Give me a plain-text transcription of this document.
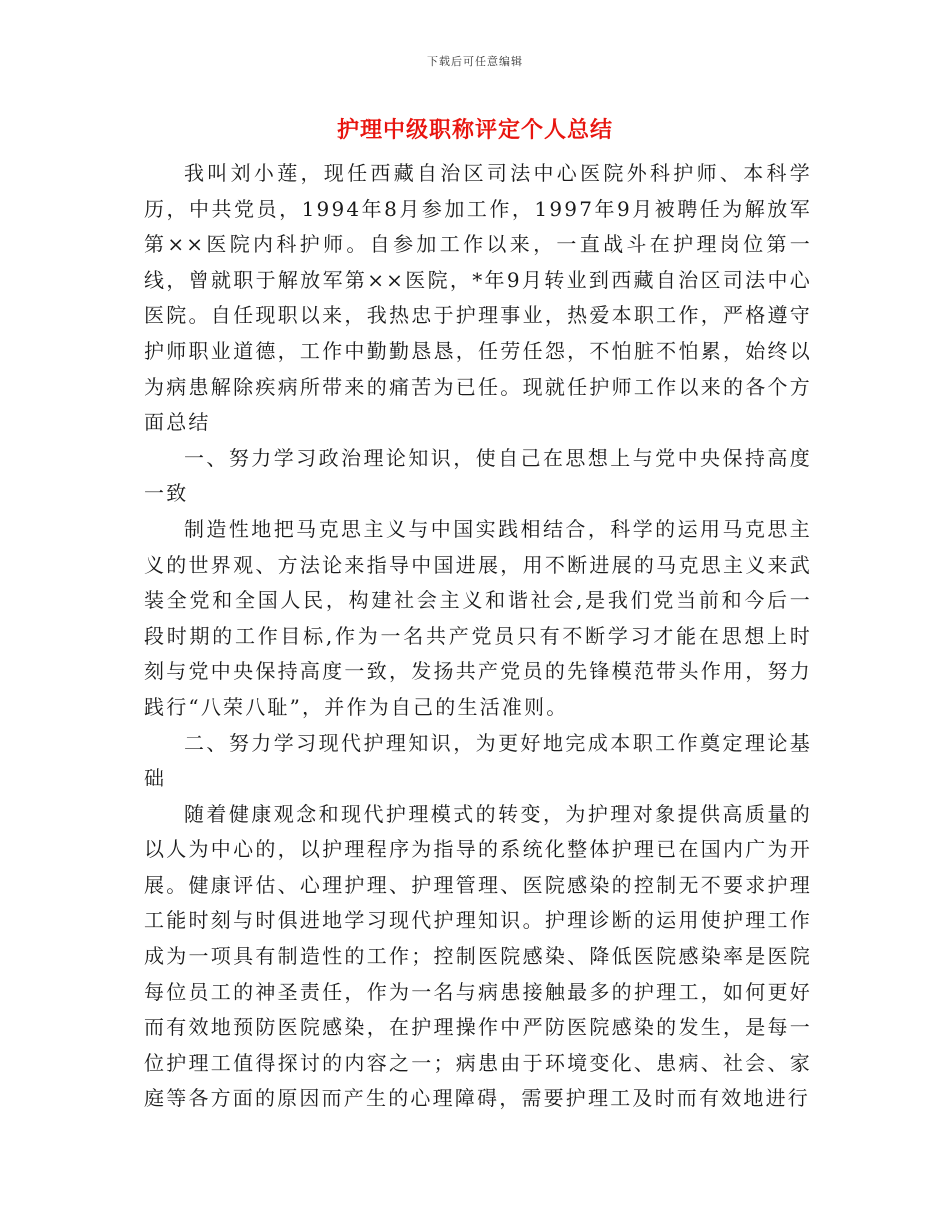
下载后可任意编辑
护理中级职称评定个人总结

我叫刘小莲，现任西藏自治区司法中心医院外科护师、本科学历，中共党员，1994年8月参加工作，1997年9月被聘任为解放军第××医院内科护师。自参加工作以来，一直战斗在护理岗位第一线，曾就职于解放军第××医院，*年9月转业到西藏自治区司法中心医院。自任现职以来，我热忠于护理事业，热爱本职工作，严格遵守护师职业道德，工作中勤勤恳恳，任劳任怨，不怕脏不怕累，始终以为病患解除疾病所带来的痛苦为已任。现就任护师工作以来的各个方面总结

一、努力学习政治理论知识，使自己在思想上与党中央保持高度一致

制造性地把马克思主义与中国实践相结合，科学的运用马克思主义的世界观、方法论来指导中国进展，用不断进展的马克思主义来武装全党和全国人民，构建社会主义和谐社会,是我们党当前和今后一段时期的工作目标,作为一名共产党员只有不断学习才能在思想上时刻与党中央保持高度一致，发扬共产党员的先锋模范带头作用，努力践行“八荣八耻”，并作为自己的生活准则。

二、努力学习现代护理知识，为更好地完成本职工作奠定理论基础

随着健康观念和现代护理模式的转变，为护理对象提供高质量的以人为中心的，以护理程序为指导的系统化整体护理已在国内广为开展。健康评估、心理护理、护理管理、医院感染的控制无不要求护理工能时刻与时俱进地学习现代护理知识。护理诊断的运用使护理工作成为一项具有制造性的工作；控制医院感染、降低医院感染率是医院每位员工的神圣责任，作为一名与病患接触最多的护理工，如何更好而有效地预防医院感染，在护理操作中严防医院感染的发生，是每一位护理工值得探讨的内容之一；病患由于环境变化、患病、社会、家庭等各方面的原因而产生的心理障碍，需要护理工及时而有效地进行
